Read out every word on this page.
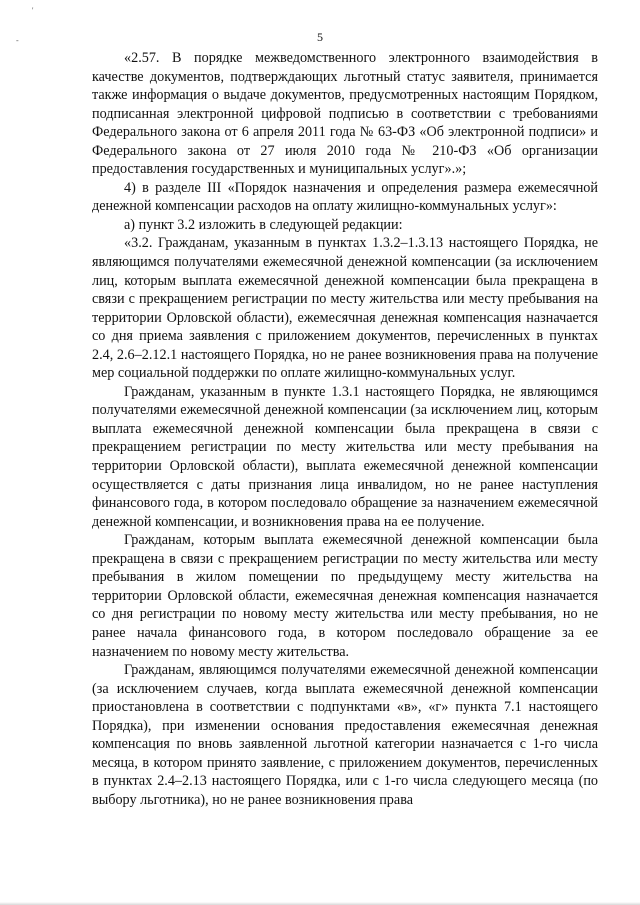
-
'
5

«2.57. В порядке межведомственного электронного взаимодействия в качестве документов, подтверждающих льготный статус заявителя, принимается также информация о выдаче документов, предусмотренных настоящим Порядком, подписанная электронной цифровой подписью в соответствии с требованиями Федерального закона от 6 апреля 2011 года № 63-ФЗ «Об электронной подписи» и Федерального закона от 27 июля 2010 года № 210-ФЗ «Об организации предоставления государственных и муниципальных услуг».»;

4) в разделе III «Порядок назначения и определения размера ежемесячной денежной компенсации расходов на оплату жилищно-коммунальных услуг»:

а) пункт 3.2 изложить в следующей редакции:

«3.2. Гражданам, указанным в пунктах 1.3.2–1.3.13 настоящего Порядка, не являющимся получателями ежемесячной денежной компенсации (за исключением лиц, которым выплата ежемесячной денежной компенсации была прекращена в связи с прекращением регистрации по месту жительства или месту пребывания на территории Орловской области), ежемесячная денежная компенсация назначается со дня приема заявления с приложением документов, перечисленных в пунктах 2.4, 2.6–2.12.1 настоящего Порядка, но не ранее возникновения права на получение мер социальной поддержки по оплате жилищно-коммунальных услуг.

Гражданам, указанным в пункте 1.3.1 настоящего Порядка, не являющимся получателями ежемесячной денежной компенсации (за исключением лиц, которым выплата ежемесячной денежной компенсации была прекращена в связи с прекращением регистрации по месту жительства или месту пребывания на территории Орловской области), выплата ежемесячной денежной компенсации осуществляется с даты признания лица инвалидом, но не ранее наступления финансового года, в котором последовало обращение за назначением ежемесячной денежной компенсации, и возникновения права на ее получение.

Гражданам, которым выплата ежемесячной денежной компенсации была прекращена в связи с прекращением регистрации по месту жительства или месту пребывания в жилом помещении по предыдущему месту жительства на территории Орловской области, ежемесячная денежная компенсация назначается со дня регистрации по новому месту жительства или месту пребывания, но не ранее начала финансового года, в котором последовало обращение за ее назначением по новому месту жительства.

Гражданам, являющимся получателями ежемесячной денежной компенсации (за исключением случаев, когда выплата ежемесячной денежной компенсации приостановлена в соответствии с подпунктами «в», «г» пункта 7.1 настоящего Порядка), при изменении основания предоставления ежемесячная денежная компенсация по вновь заявленной льготной категории назначается с 1-го числа месяца, в котором принято заявление, с приложением документов, перечисленных в пунктах 2.4–2.13 настоящего Порядка, или с 1-го числа следующего месяца (по выбору льготника), но не ранее возникновения права
